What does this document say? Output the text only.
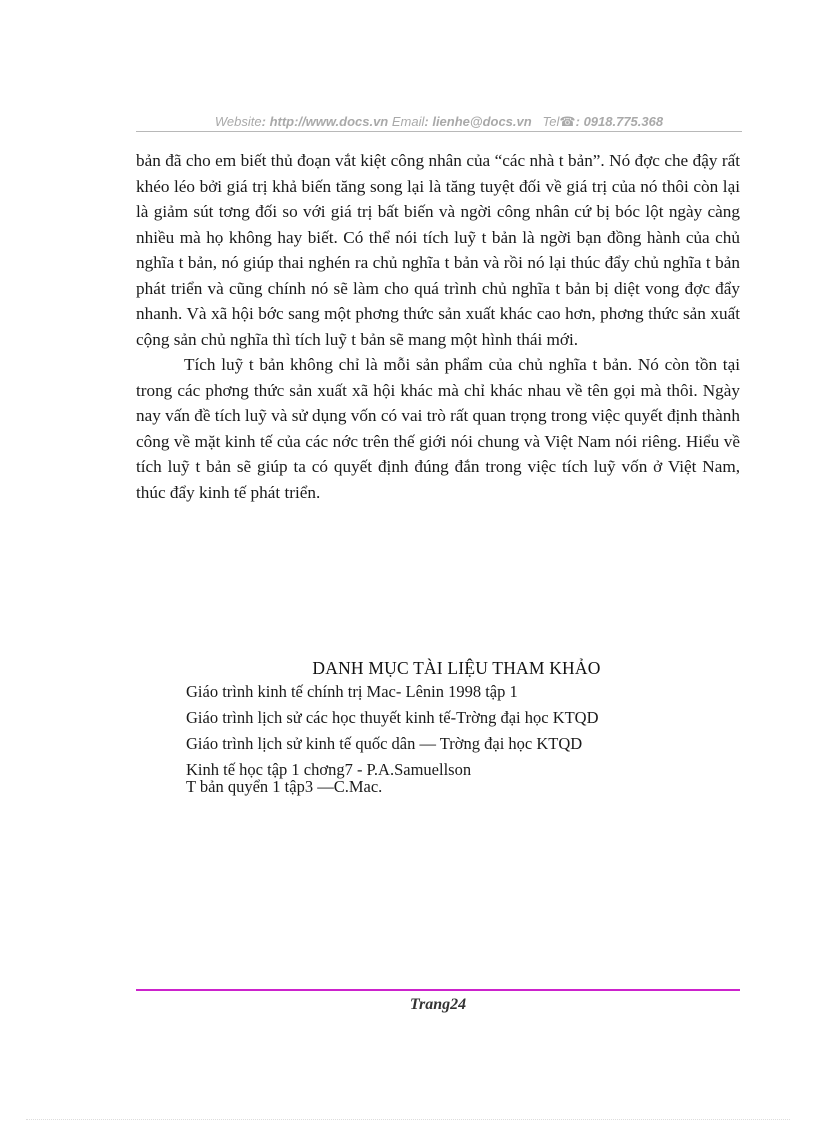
Website: http://www.docs.vn Email: lienhe@docs.vn Tel☎: 0918.775.368

bản đã cho em biết thủ đoạn vắt kiệt công nhân của “các nhà t bản”. Nó đợc che đậy rất khéo léo bởi giá trị khả biến tăng song lại là tăng tuyệt đối về giá trị của nó thôi còn lại là giảm sút tơng đối so với giá trị bất biến và ngời công nhân cứ bị bóc lột ngày càng nhiều mà họ không hay biết. Có thể nói tích luỹ t bản là ngời bạn đồng hành của chủ nghĩa t bản, nó giúp thai nghén ra chủ nghĩa t bản và rồi nó lại thúc đẩy chủ nghĩa t bản phát triển và cũng chính nó sẽ làm cho quá trình chủ nghĩa t bản bị diệt vong đợc đẩy nhanh. Và xã hội bớc sang một phơng thức sản xuất khác cao hơn, phơng thức sản xuất cộng sản chủ nghĩa thì tích luỹ t bản sẽ mang một hình thái mới.

Tích luỹ t bản không chỉ là mỗi sản phẩm của chủ nghĩa t bản. Nó còn tồn tại trong các phơng thức sản xuất xã hội khác mà chỉ khác nhau về tên gọi mà thôi. Ngày nay vấn đề tích luỹ và sử dụng vốn có vai trò rất quan trọng trong việc quyết định thành công về mặt kinh tế của các nớc trên thế giới nói chung và Việt Nam nói riêng. Hiểu về tích luỹ t bản sẽ giúp ta có quyết định đúng đắn trong việc tích luỹ vốn ở Việt Nam, thúc đẩy kinh tế phát triển.

DANH MỤC TÀI LIỆU THAM KHẢO
Giáo trình kinh tế chính trị Mac- Lênin 1998 tập 1
Giáo trình lịch sử các học thuyết kinh tế-Trờng đại học KTQD
Giáo trình lịch sử kinh tế quốc dân — Trờng đại học KTQD
Kinh tế học tập 1 chơng7 - P.A.Samuellson
T bản quyển 1 tập3 —C.Mac.
Trang24
